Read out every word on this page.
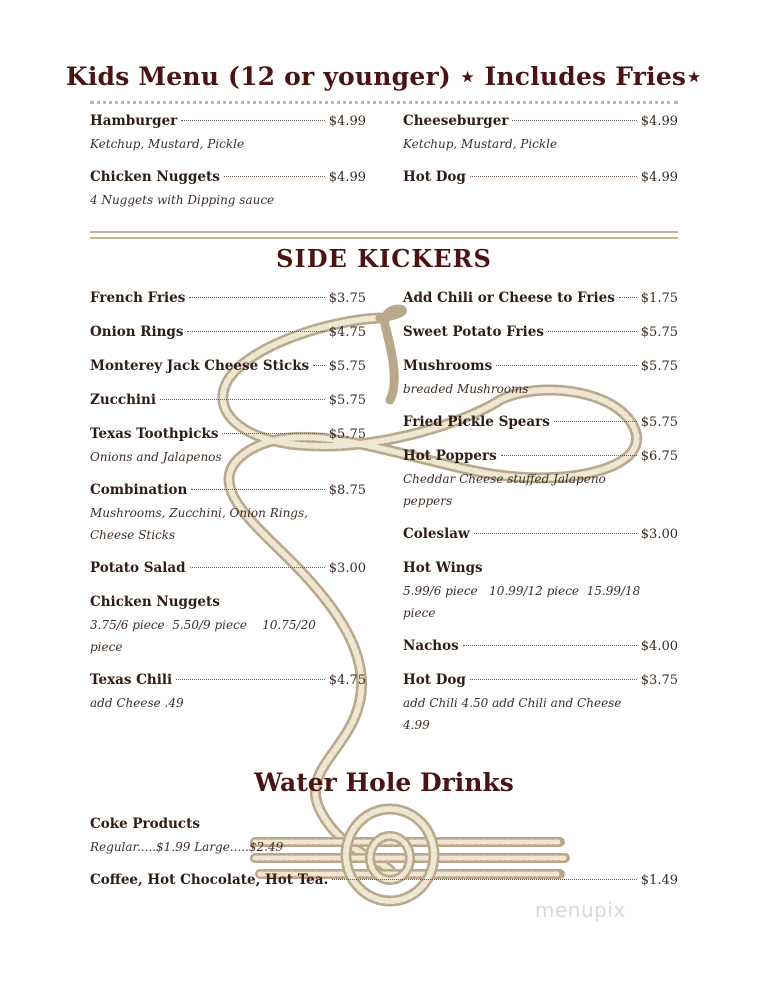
Kids Menu (12 or younger) ⋆ Includes Fries⋆
Hamburger	$4.99
Ketchup, Mustard, Pickle
Cheeseburger	$4.99
Ketchup, Mustard, Pickle
Chicken Nuggets	$4.99
4 Nuggets with Dipping sauce
Hot Dog	$4.99
SIDE KICKERS
French Fries	$3.75
Onion Rings	$4.75
Monterey Jack Cheese Sticks $5.75
Zucchini	$5.75
Texas Toothpicks	$5.75
Onions and Jalapenos
Combination	$8.75
Mushrooms, Zucchini, Onion Rings,
Cheese Sticks
Potato Salad	$3.00
Chicken Nuggets
3.75/6 piece  5.50/9 piece    10.75/20
piece
Texas Chili	$4.75
add Cheese .49
Add Chili or Cheese to Fries $1.75
Sweet Potato Fries	$5.75
Mushrooms	$5.75
breaded Mushrooms
Fried Pickle Spears	$5.75
Hot Poppers	$6.75
Cheddar Cheese stuffed Jalapeno
peppers
Coleslaw	$3.00
Hot Wings
5.99/6 piece   10.99/12 piece  15.99/18
piece
Nachos	$4.00
Hot Dog	$3.75
add Chili 4.50 add Chili and Cheese
4.99
Water Hole Drinks
Coke Products
Regular.....$1.99 Large.....$2.49
Coffee, Hot Chocolate, Hot Tea.	$1.49
menupix
